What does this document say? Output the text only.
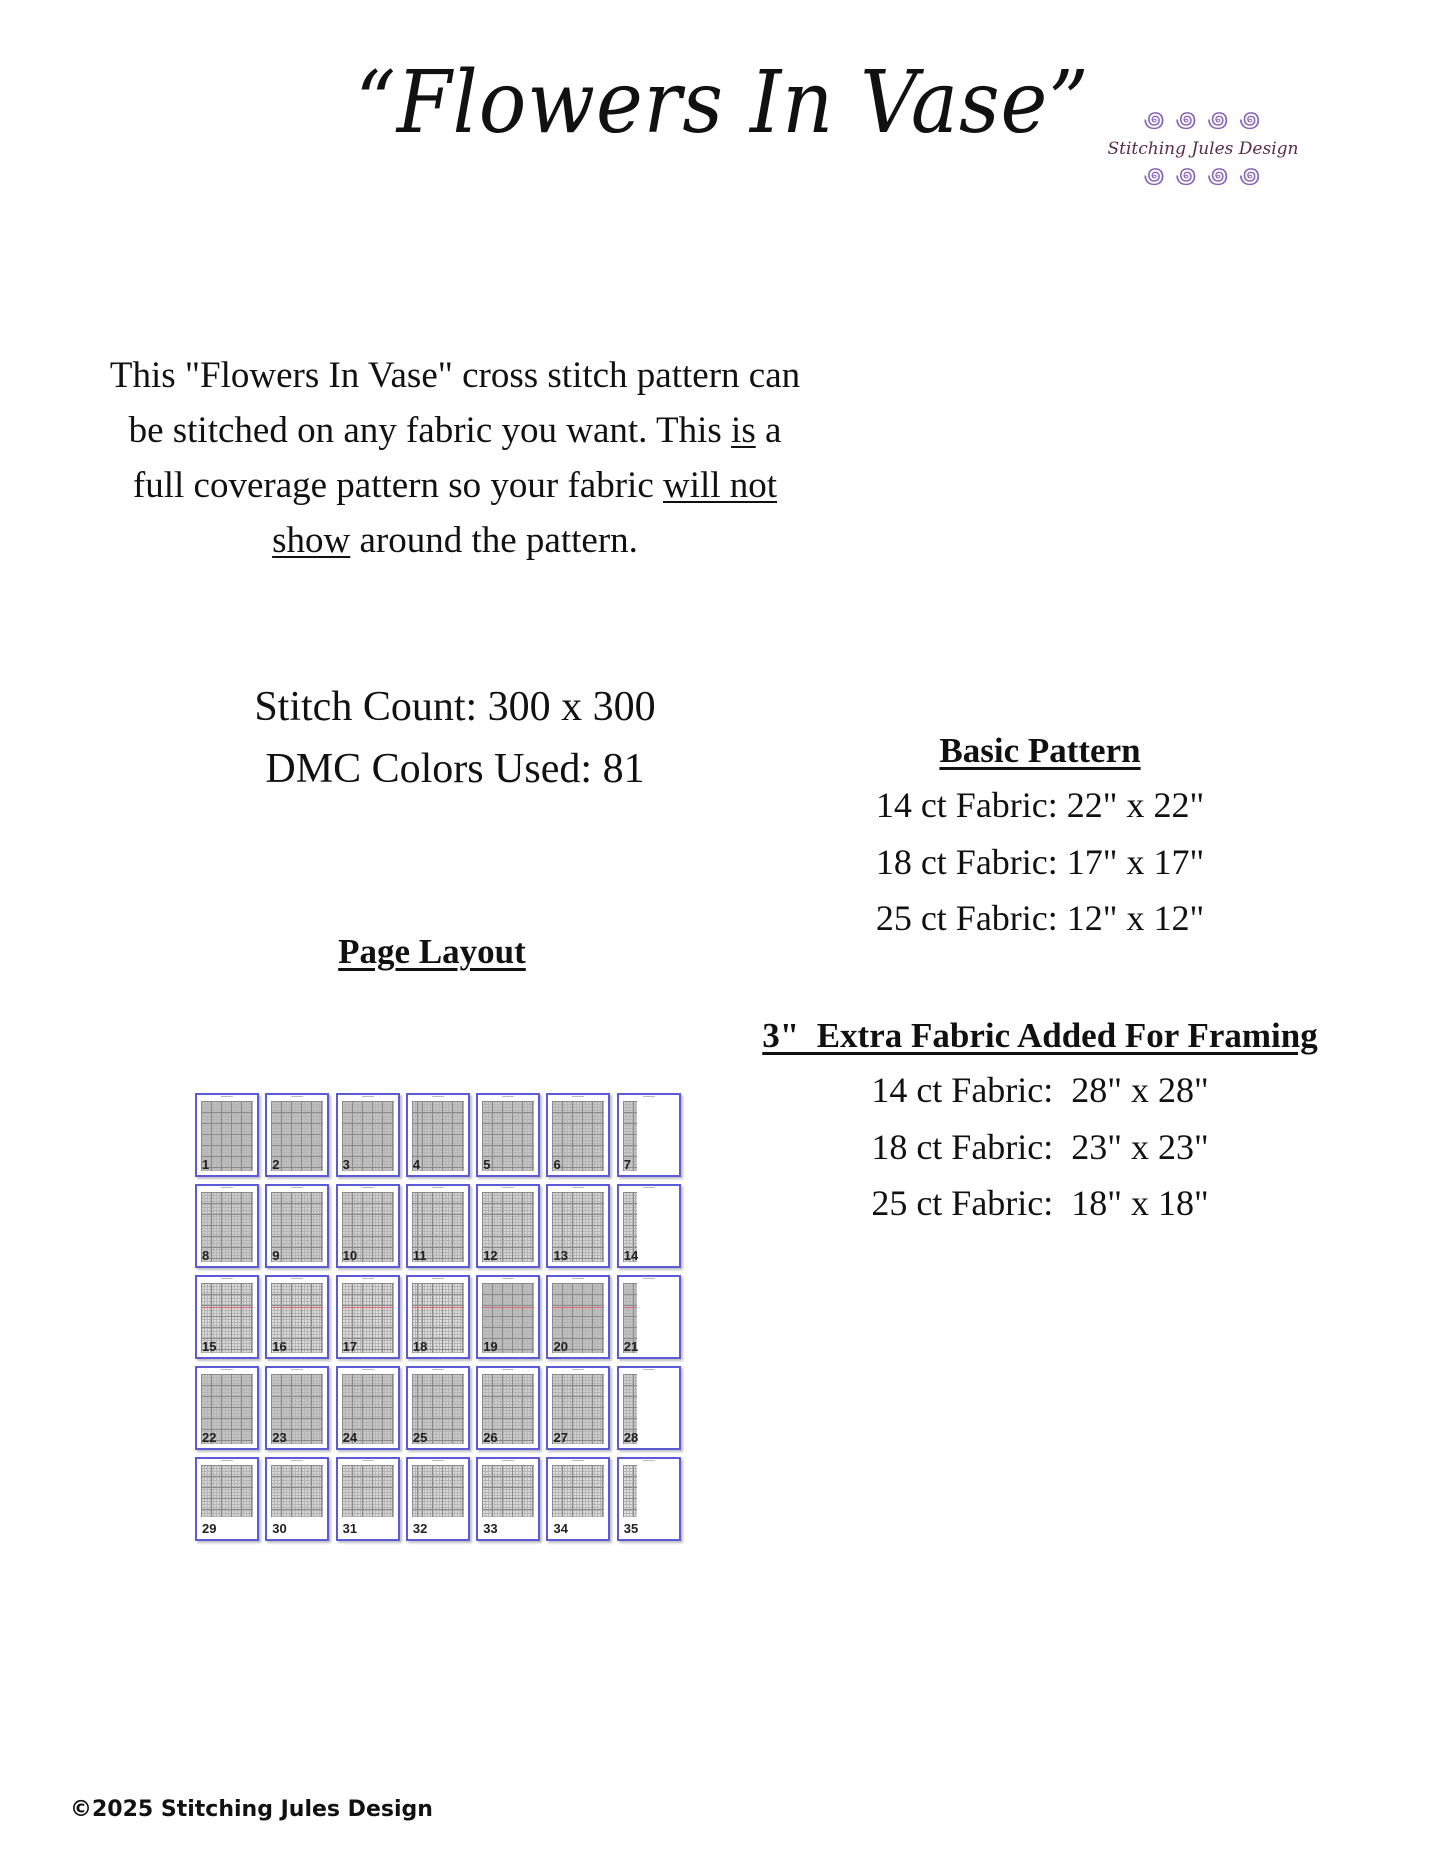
“Flowers In Vase”	꩜ ꩜ ꩜ ꩜
Stitching Jules Design
꩜ ꩜ ꩜ ꩜
This "Flowers In Vase" cross stitch pattern can be stitched on any fabric you want. This is a full coverage pattern so your fabric will not show around the pattern.
Stitch Count: 300 x 300
DMC Colors Used: 81
Page Layout
1	2	3	4	5	6	7
8	9	10	11	12	13	14
15	16	17	18	19	20	21
22	23	24	25	26	27	28
29	30	31	32	33	34	35
Basic Pattern
14 ct Fabric: 22" x 22"
18 ct Fabric: 17" x 17"
25 ct Fabric: 12" x 12"
3"  Extra Fabric Added For Framing
14 ct Fabric:  28" x 28"
18 ct Fabric:  23" x 23"
25 ct Fabric:  18" x 18"
©2025 Stitching Jules Design
